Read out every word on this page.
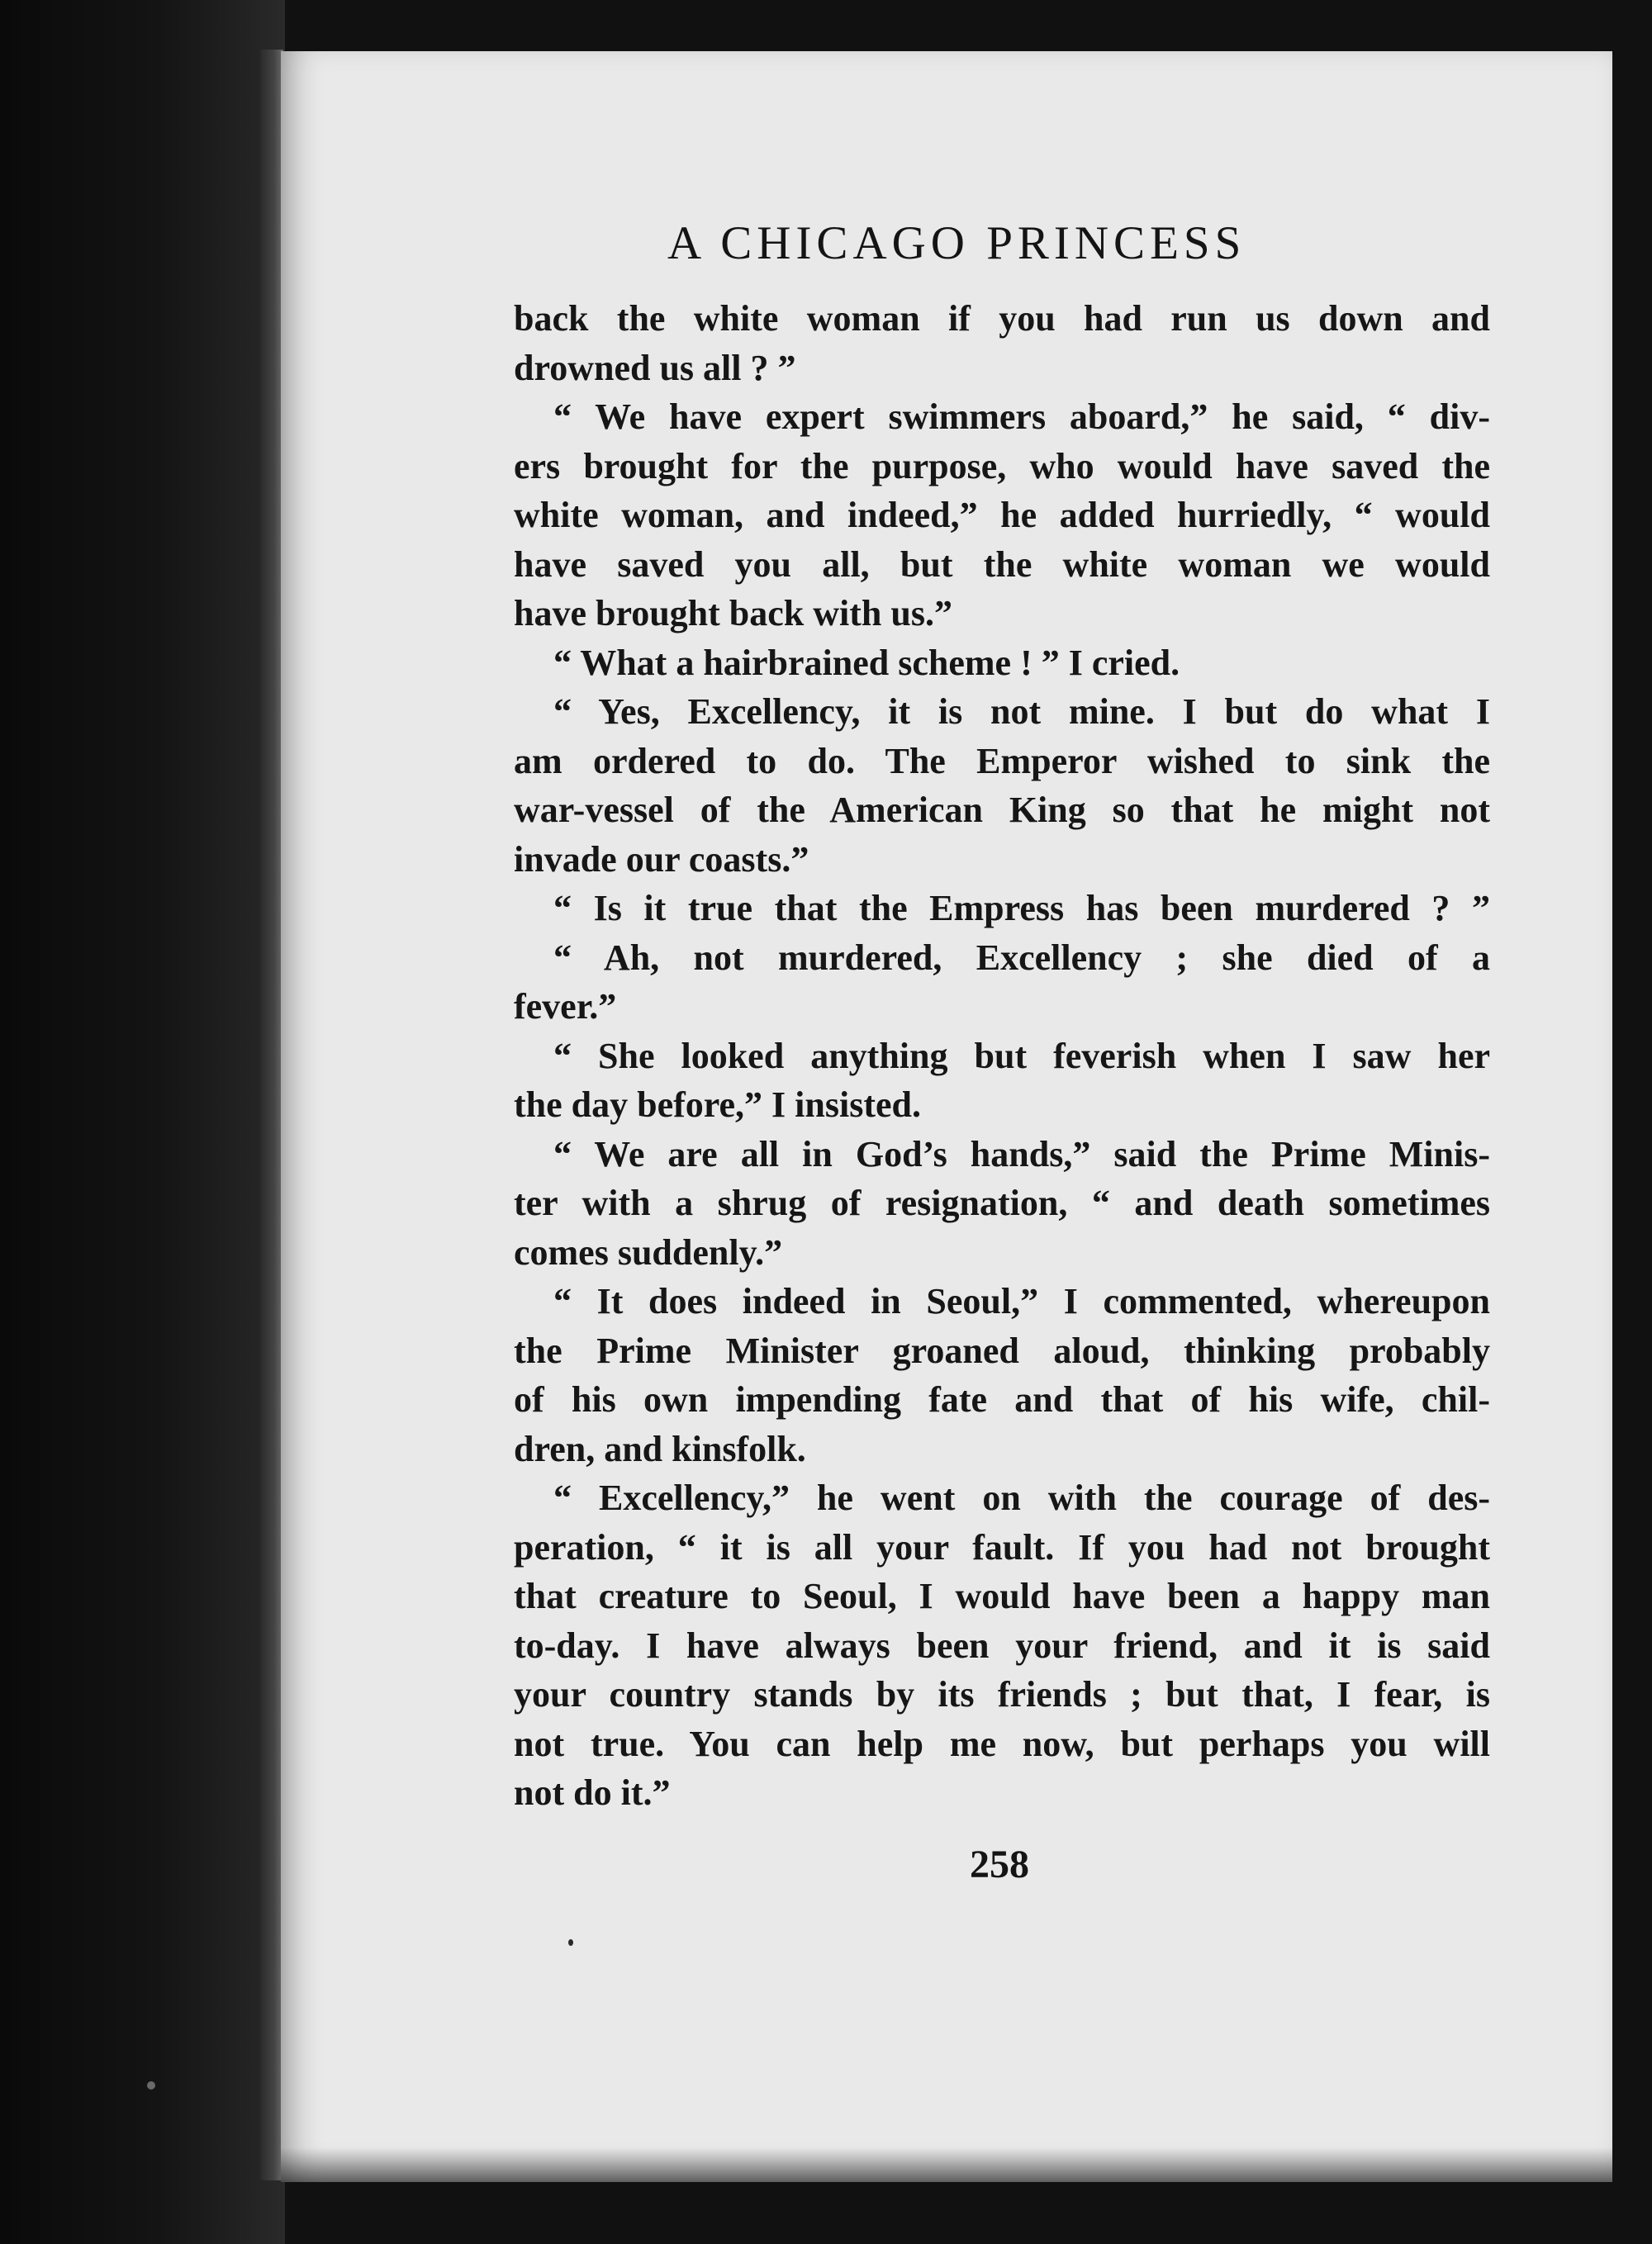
A CHICAGO PRINCESS
back the white woman if you had run us down and
drowned us all ? ”
“ We have expert swimmers aboard,” he said, “ div-
ers brought for the purpose, who would have saved the
white woman, and indeed,” he added hurriedly, “ would
have saved you all, but the white woman we would
have brought back with us.”
“ What a hairbrained scheme ! ” I cried.
“ Yes, Excellency, it is not mine. I but do what I
am ordered to do. The Emperor wished to sink the
war-vessel of the American King so that he might not
invade our coasts.”
“ Is it true that the Empress has been murdered ? ”
“ Ah, not murdered, Excellency ; she died of a
fever.”
“ She looked anything but feverish when I saw her
the day before,” I insisted.
“ We are all in God’s hands,” said the Prime Minis-
ter with a shrug of resignation, “ and death sometimes
comes suddenly.”
“ It does indeed in Seoul,” I commented, whereupon
the Prime Minister groaned aloud, thinking probably
of his own impending fate and that of his wife, chil-
dren, and kinsfolk.
“ Excellency,” he went on with the courage of des-
peration, “ it is all your fault. If you had not brought
that creature to Seoul, I would have been a happy man
to-day. I have always been your friend, and it is said
your country stands by its friends ; but that, I fear, is
not true. You can help me now, but perhaps you will
not do it.”
258
